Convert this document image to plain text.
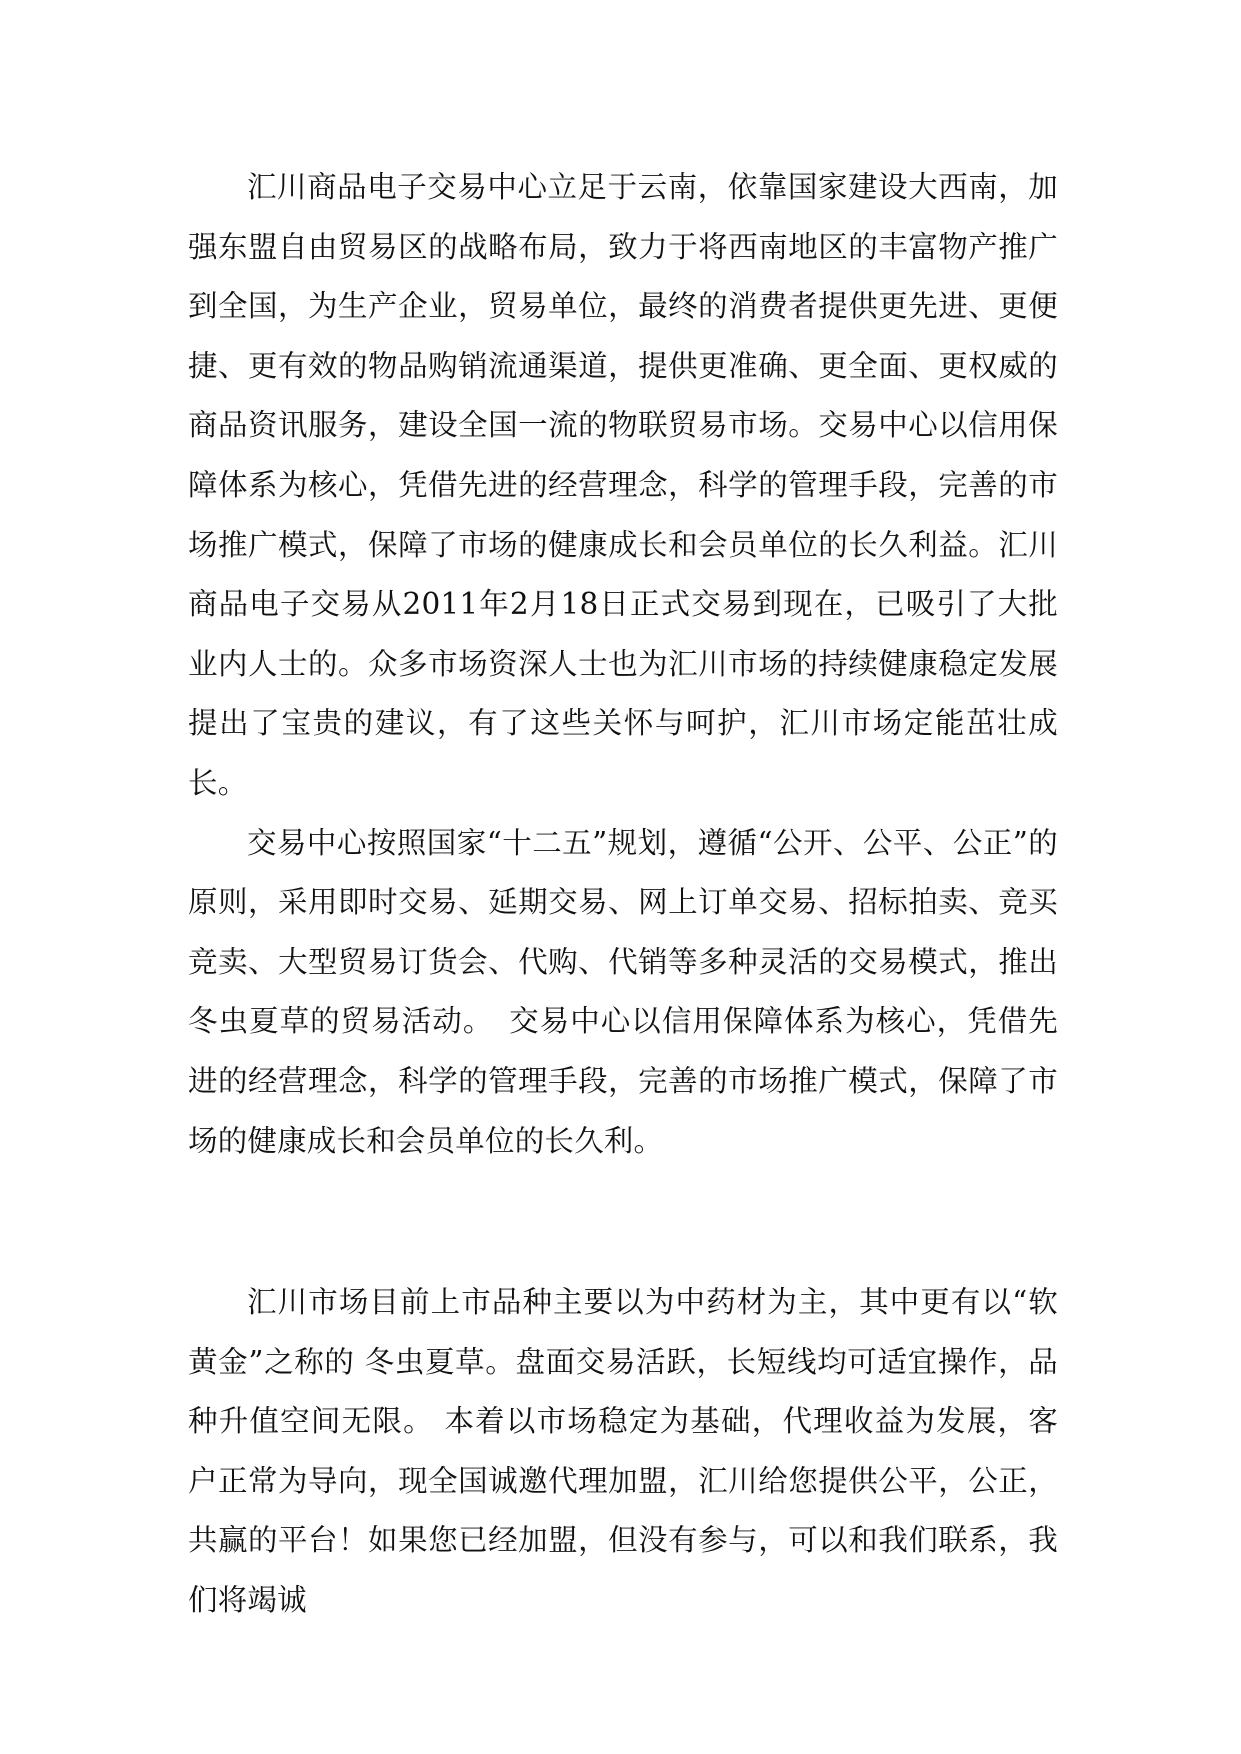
汇川商品电子交易中心立足于云南，依靠国家建设大西南，加强东盟自由贸易区的战略布局，致力于将西南地区的丰富物产推广到全国，为生产企业，贸易单位，最终的消费者提供更先进、更便捷、更有效的物品购销流通渠道，提供更准确、更全面、更权威的商品资讯服务，建设全国一流的物联贸易市场。交易中心以信用保障体系为核心，凭借先进的经营理念，科学的管理手段，完善的市场推广模式，保障了市场的健康成长和会员单位的长久利益。汇川商品电子交易从2011年2月18日正式交易到现在，已吸引了大批业内人士的。众多市场资深人士也为汇川市场的持续健康稳定发展提出了宝贵的建议，有了这些关怀与呵护，汇川市场定能茁壮成长。

交易中心按照国家“十二五”规划，遵循“公开、公平、公正”的原则，采用即时交易、延期交易、网上订单交易、招标拍卖、竞买竞卖、大型贸易订货会、代购、代销等多种灵活的交易模式，推出冬虫夏草的贸易活动。　交易中心以信用保障体系为核心，凭借先进的经营理念，科学的管理手段，完善的市场推广模式，保障了市场的健康成长和会员单位的长久利。

汇川市场目前上市品种主要以为中药材为主，其中更有以“软黄金”之称的 冬虫夏草。盘面交易活跃，长短线均可适宜操作，品种升值空间无限。 本着以市场稳定为基础，代理收益为发展，客户正常为导向，现全国诚邀代理加盟，汇川给您提供公平，公正，共赢的平台！如果您已经加盟，但没有参与，可以和我们联系，我们将竭诚
